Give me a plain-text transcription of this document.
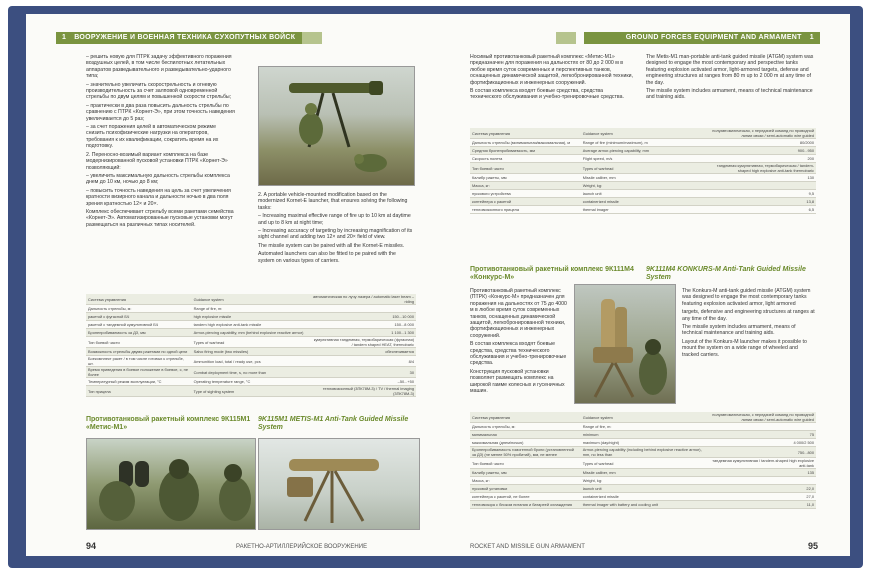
1 ВООРУЖЕНИЕ И ВОЕННАЯ ТЕХНИКА СУХОПУТНЫХ ВОЙСК

– решить новую для ПТРК задачу эффективного поражения воздушных целей, в том числе беспилотных летательных аппаратов разведывательного и разведывательно-ударного типа;

– значительно увеличить скорострельность и огневую производительность за счет залповой одновременной стрельбы по двум целям и повышенной скорости стрельбы;

– практически в два раза повысить дальность стрельбы по сравнению с ПТРК «Корнет-Э», при этом точность наведения увеличивается до 5 раз;

– за счет поражения целей в автоматическом режиме снизить психофизические нагрузки на операторов, требования к их квалификации, сократить время на их подготовку.

2. Переносно-возимый вариант комплекса на базе модернизированной пусковой установки ПТРК «Корнет-Э» позволяющий:

– увеличить максимальную дальность стрельбы комплекса днем до 10 км, ночью до 8 км;

– повысить точность наведения на цель за счет увеличения кратности визирного канала и дальности ночью в два поля зрения кратностью 12× и 20×.

Комплекс обеспечивает стрельбу всеми ракетами семейства «Корнет-Э». Автоматизированные пусковые установки могут размещаться на различных типах носителей.

2. A portable vehicle-mounted modification based on the modernized Kornet-E launcher, that ensures solving the following tasks:

– Increasing maximal effective range of fire up to 10 km at daytime and up to 8 km at night time;

– Increasing accuracy of targeting by increasing magnification of its sight channel and adding two 12× and 20× field of view.

The missile system can be paired with all the Kornet-E missiles.

Automated launchers can also be fitted to pe paired with the system on various types of carriers.

Система управления	Guidance system	автоматическая по лучу лазера / automatic laser beam – riding
Дальность стрельбы, м:	Range of fire, m:	
ракетой с фугасной БЧ	high explosive missile	150...10 000
ракетой с тандемной кумулятивной БЧ	tandem high explosive anti-tank missile	150...8 000
Бронепробиваемость за ДЗ, мм	Armor-piercing capability, mm (behind explosive reactive armor)	1 100...1 300
Тип боевой части	Types of warhead	кумулятивная тандемная, термобарическая (фугасная) / tandem shaped HEAT, thermobaric
Возможность стрельбы двумя ракетами по одной цели	Salvo firing mode (two missiles)	обеспечивается
Боекомплект ракет / в том числе готовых к стрельбе, шт.	Ammunition load, total / ready use, pcs	8/4
Время приведения в боевое положение в боевое, с, не более	Combat deployment time, s, no more than	30
Температурный режим эксплуатации, °С	Operating temperature range, °С	–50...+50
Тип прицела	Type of sighting system	тепловизионный (3ПК78М-3) / TV / thermal imaging (3ПК78М-3)
Противотанковый ракетный комплекс 9К115М1 «Метис-М1»
9K115M1 METIS-M1 Anti-Tank Guided Missile System
РАКЕТНО-АРТИЛЛЕРИЙСКОЕ ВООРУЖЕНИЕ
94
GROUND FORCES EQUIPMENT AND ARMAMENT 1

Носимый противотанковый ракетный комплекс «Метис-М1» предназначен для поражения на дальностях от 80 до 2 000 м в любое время суток современных и перспективных танков, оснащенных динамической защитой, легкобронированной техники, фортификационных и инженерных сооружений.

В состав комплекса входят боевые средства, средства технического обслуживания и учебно-тренировочные средства.

The Metis-M1 man-portable anti-tank guided missile (ATGM) system was designed to engage the most contemporary and perspective tanks featuring explosion activated armor, light-armored targets, defense and engineering structures at ranges from 80 m up to 2 000 m at any time of the day.

The missile system includes armament, means of technical maintenance and training aids.

Система управления	Guidance system	полуавтоматическая, с передачей команд по проводной линии связи / semi-automatic wire guided
Дальность стрельбы (минимальная/максимальная), м	Range of fire (minimum/maximum), m	80/2000
Средняя бронепробиваемость, мм	Average armor-piercing capability, mm	900...950
Скорость полета	Flight speed, m/s	200
Тип боевой части	Types of warhead	тандемная кумулятивная, термобарическая / tandem-shaped high explosive anti-tank thermobaric
Калибр ракеты, мм	Missile caliber, mm	130
Масса, кг:	Weight, kg:	
пускового устройства	launch unit	9,5
контейнера с ракетой	containerized missile	13,8
тепловизионного прицела	thermal imager	6,5
Противотанковый ракетный комплекс 9К111М4 «Конкурс-М»
9K111M4 KONKURS-M Anti-Tank Guided Missile System

Противотанковый ракетный комплекс (ПТРК) «Конкурс-М» предназначен для поражения на дальностях от 75 до 4000 м в любое время суток современных танков, оснащенных динамической защитой, легкобронированной техники, фортификационных и инженерных сооружений.

В состав комплекса входят боевые средства, средства технического обслуживания и учебно-тренировочные средства.

Конструкция пусковой установки позволяет размещать комплекс на широкой гамме колесных и гусеничных машин.

The Konkurs-M anti-tank guided missile (ATGM) system was designed to engage the most contemporary tanks featuring explosion activated armor, light armored

targets, defensive and engineering structures at ranges at any time of the day.

The missile system includes armament, means of technical maintenance and training aids.

Layout of the Konkurs-M launcher makes it possible to mount the system on a wide range of wheeled and tracked carriers.

Система управления	Guidance system	полуавтоматическая, с передачей команд по проводной линии связи / semi-automatic wire guided
Дальность стрельбы, м:	Range of fire, m:	
минимальная	minimum	75
максимальная (днем/ночью)	maximum (day/night)	4 000/2 500
Бронепробиваемость гомогенной брони (установленной за ДЗ) (не менее 50% пробитий), мм, не менее	Armor-piercing capability (including behind explosive reactive armor), mm, no less than	750...800
Тип боевой части	Types of warhead	тандемная кумулятивная / tandem-shaped high explosive anti-tank
Калибр ракеты, мм	Missile caliber, mm	135
Масса, кг:	Weight, kg:	
пусковой установки	launch unit	22,0
контейнера с ракетой, не более	containerized missile	27,0
тепловизора с блоком питания и батареей охлаждения	thermal imager with battery and cooling unit	11,0
ROCKET AND MISSILE GUN ARMAMENT	95
